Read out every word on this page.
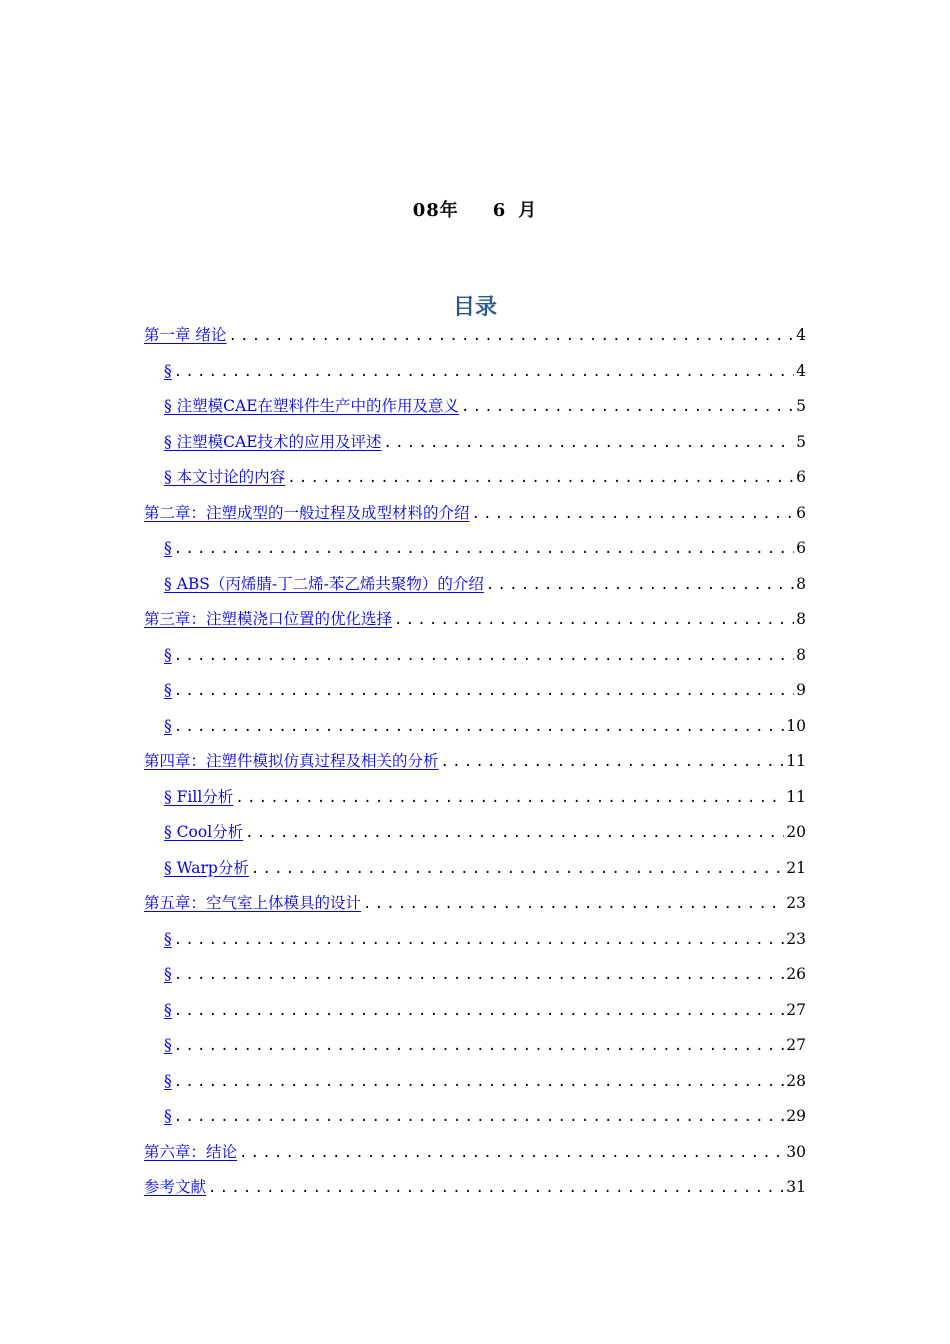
08年 6 月
目录
第一章 绪论 .....	4
§ .....	4
§ 注塑模CAE在塑料件生产中的作用及意义 .....	5
§ 注塑模CAE技术的应用及评述 .....	5
§ 本文讨论的内容 .....	6
第二章：注塑成型的一般过程及成型材料的介绍 .....	6
§ .....	6
§ ABS（丙烯腈-丁二烯-苯乙烯共聚物）的介绍 .....	8
第三章：注塑模浇口位置的优化选择 .....	8
§ .....	8
§ .....	9
§ .....	10
第四章：注塑件模拟仿真过程及相关的分析 .....	11
§ Fill分析 .....	11
§ Cool分析 .....	20
§ Warp分析 .....	21
第五章：空气室上体模具的设计 .....	23
§ .....	23
§ .....	26
§ .....	27
§ .....	27
§ .....	28
§ .....	29
第六章：结论 .....	30
参考文献 .....	31
